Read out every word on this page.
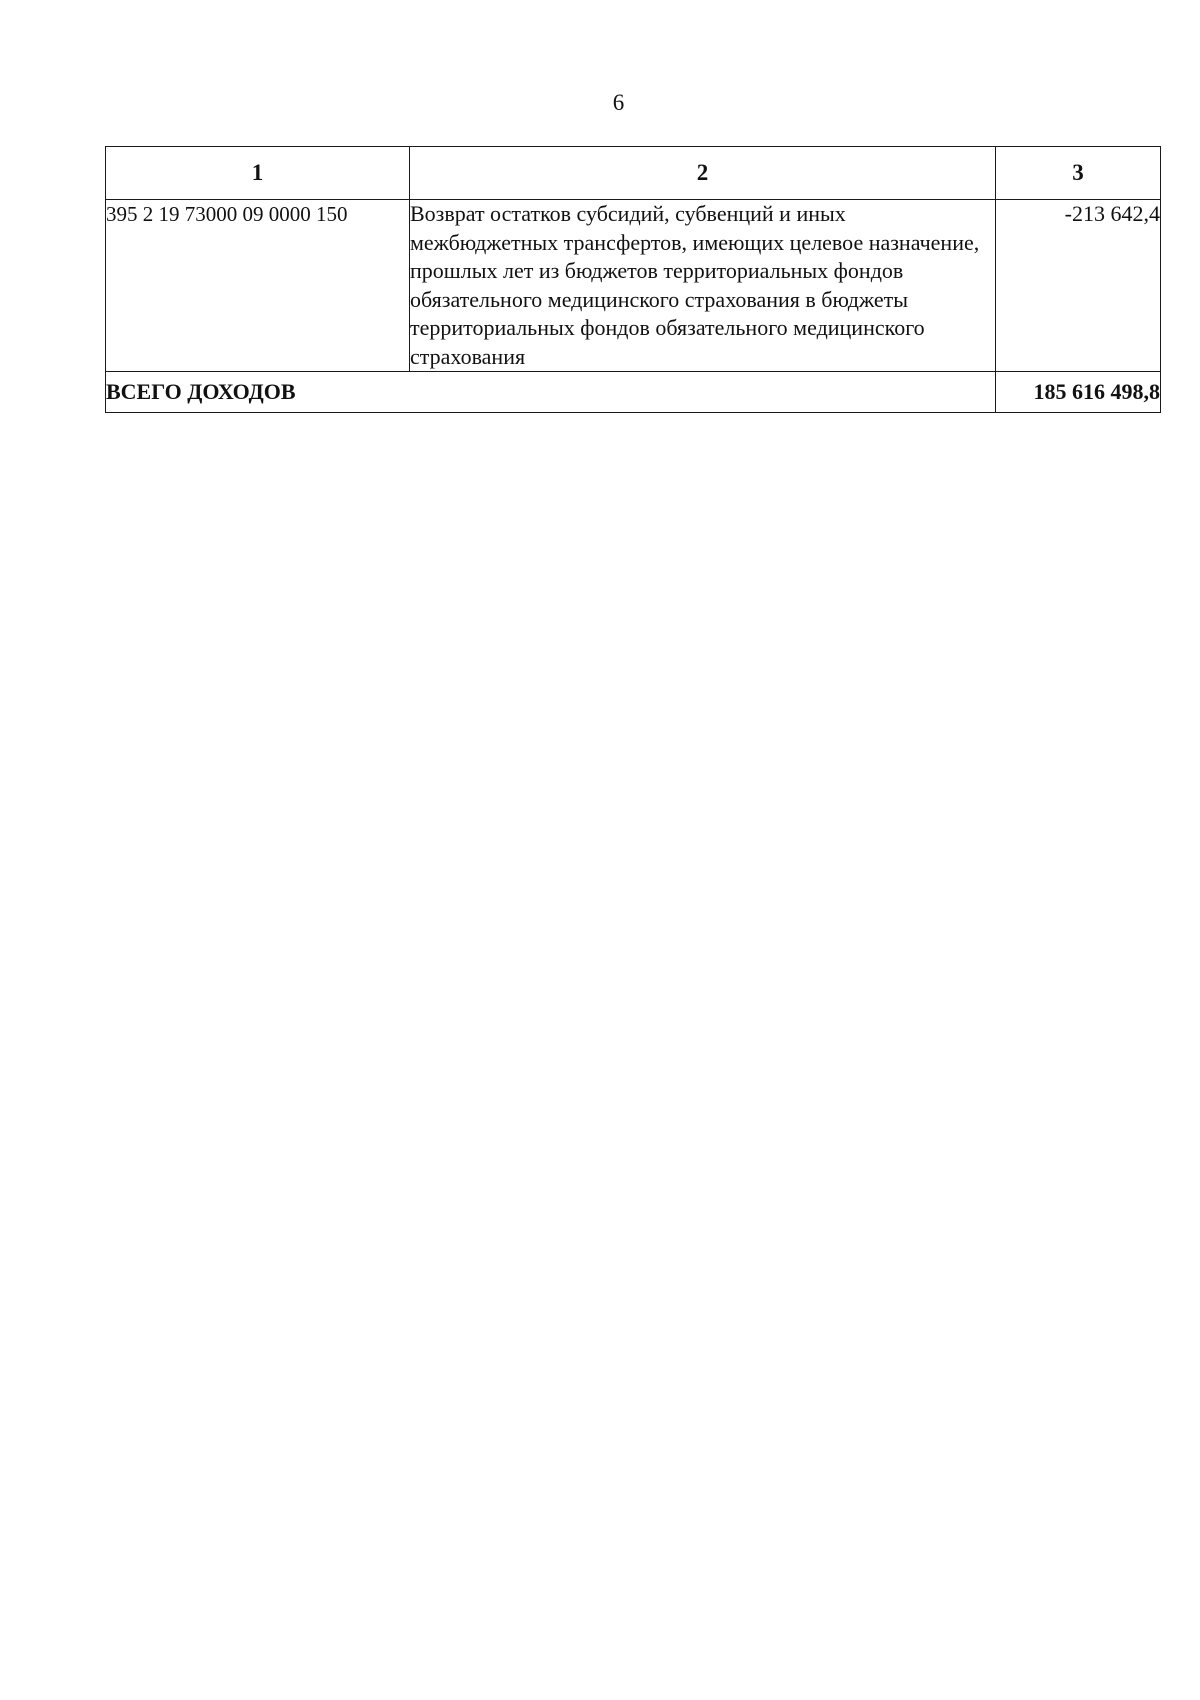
6
1	2	3
395 2 19 73000 09 0000 150	Возврат остатков субсидий, субвенций и иных межбюджетных трансфертов, имеющих целевое назначение, прошлых лет из бюджетов территориальных фондов обязательного медицинского страхования в бюджеты территориальных фондов обязательного медицинского страхования	-213 642,4
ВСЕГО ДОХОДОВ		185 616 498,8
